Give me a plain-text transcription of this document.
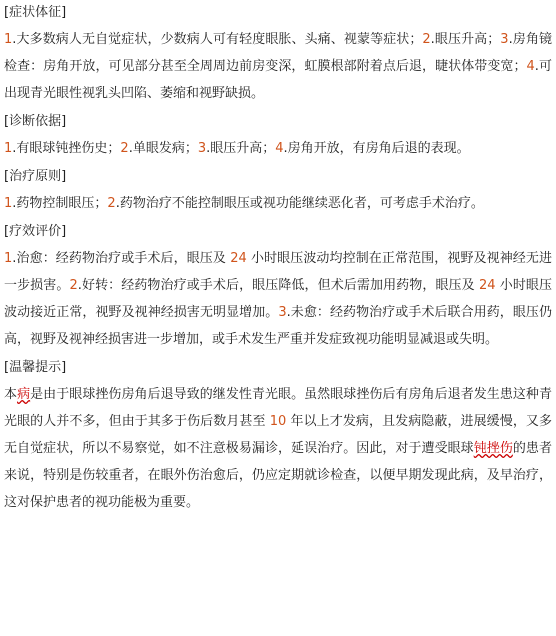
[症状体征]

1.大多数病人无自觉症状，少数病人可有轻度眼胀、头痛、视蒙等症状；2.眼压升高；3.房角镜检查：房角开放，可见部分甚至全周周边前房变深，虹膜根部附着点后退，睫状体带变宽；4.可出现青光眼性视乳头凹陷、萎缩和视野缺损。

[诊断依据]

1.有眼球钝挫伤史；2.单眼发病；3.眼压升高；4.房角开放，有房角后退的表现。

[治疗原则]

1.药物控制眼压；2.药物治疗不能控制眼压或视功能继续恶化者，可考虑手术治疗。

[疗效评价]

1.治愈：经药物治疗或手术后，眼压及 24 小时眼压波动均控制在正常范围，视野及视神经无进一步损害。2.好转：经药物治疗或手术后，眼压降低，但术后需加用药物，眼压及 24 小时眼压波动接近正常，视野及视神经损害无明显增加。3.未愈：经药物治疗或手术后联合用药，眼压仍高，视野及视神经损害进一步增加，或手术发生严重并发症致视功能明显减退或失明。

[温馨提示]

本病是由于眼球挫伤房角后退导致的继发性青光眼。虽然眼球挫伤后有房角后退者发生患这种青光眼的人并不多，但由于其多于伤后数月甚至 10 年以上才发病，且发病隐蔽，进展缓慢，又多无自觉症状，所以不易察觉，如不注意极易漏诊，延误治疗。因此，对于遭受眼球钝挫伤的患者来说，特别是伤较重者，在眼外伤治愈后，仍应定期就诊检查，以便早期发现此病，及早治疗，这对保护患者的视功能极为重要。
